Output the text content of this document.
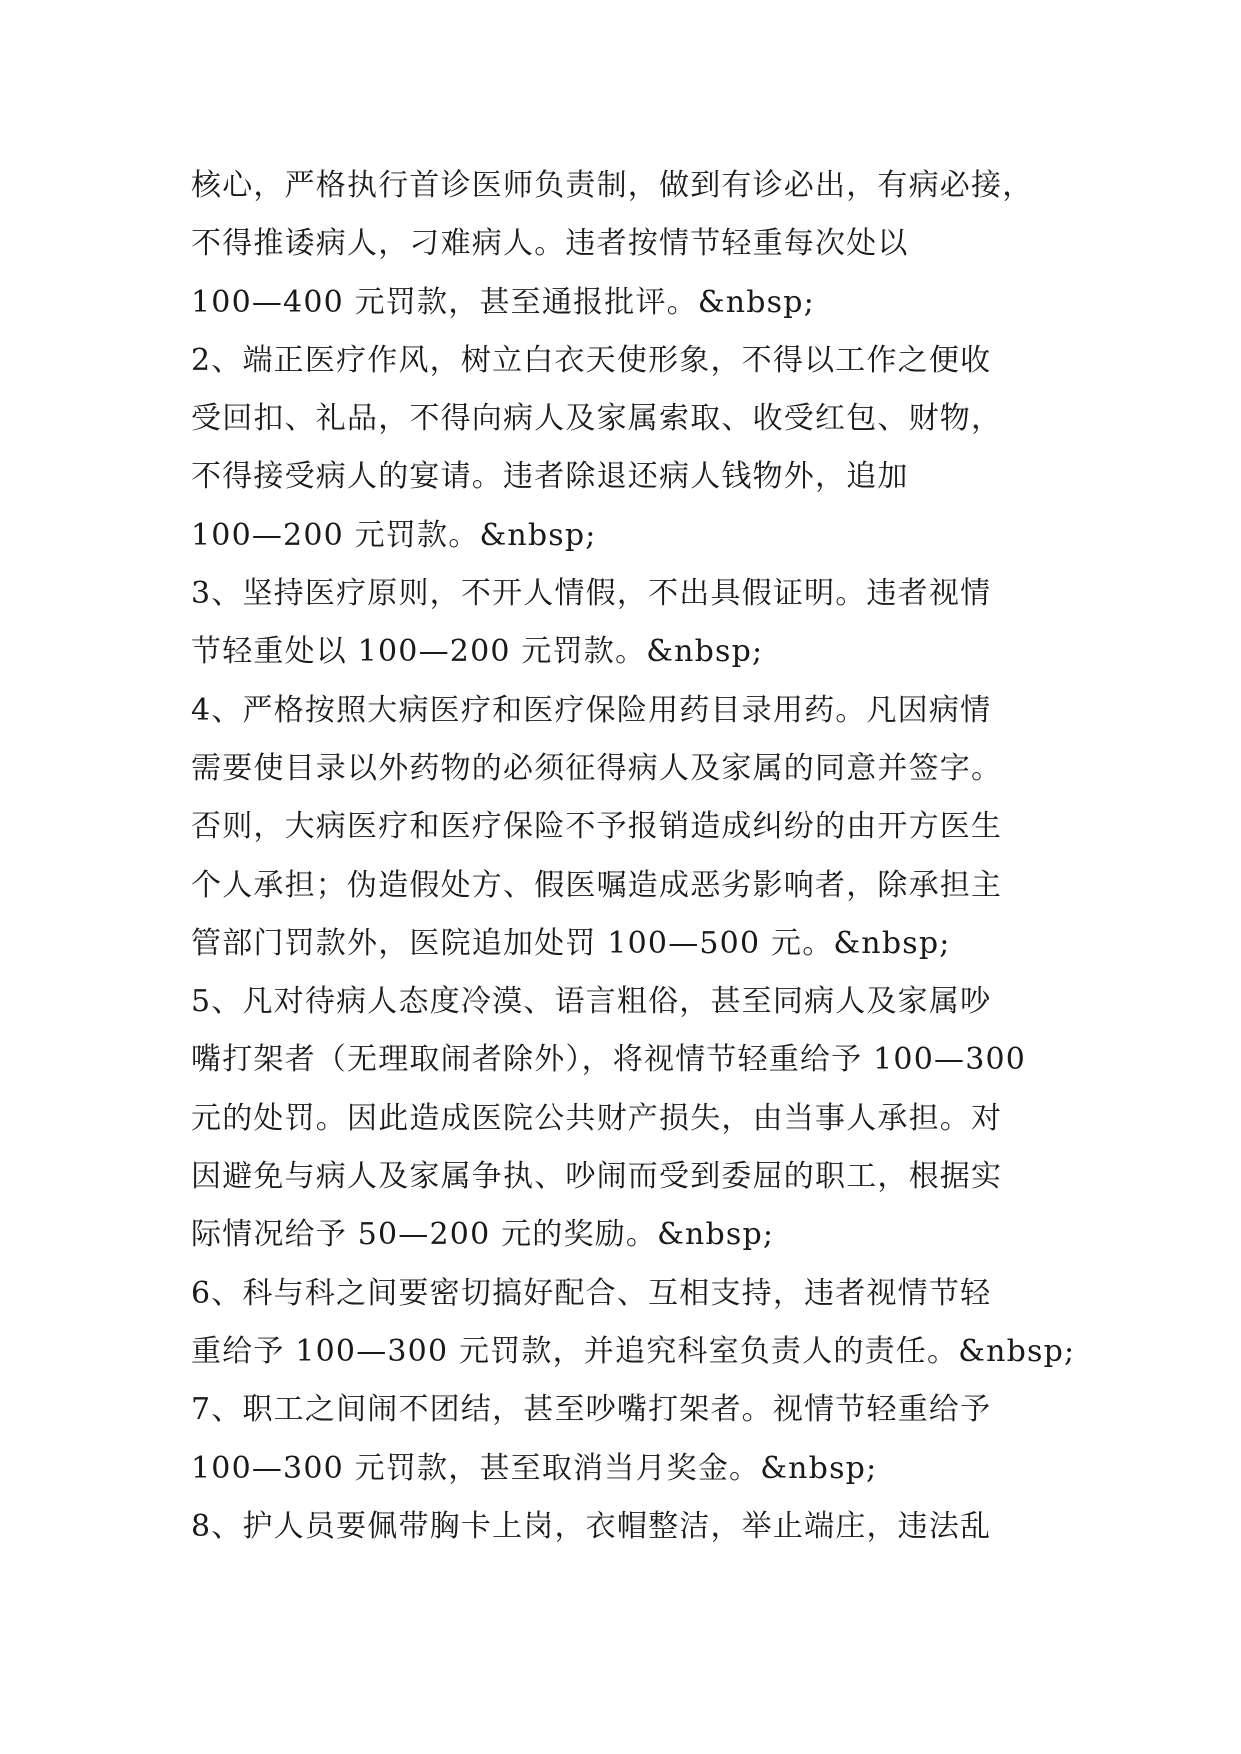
核心，严格执行首诊医师负责制，做到有诊必出，有病必接，
不得推诿病人，刁难病人。违者按情节轻重每次处以
100—400 元罚款，甚至通报批评。&nbsp;
2、端正医疗作风，树立白衣天使形象，不得以工作之便收
受回扣、礼品，不得向病人及家属索取、收受红包、财物，
不得接受病人的宴请。违者除退还病人钱物外，追加
100—200 元罚款。&nbsp;
3、坚持医疗原则，不开人情假，不出具假证明。违者视情
节轻重处以 100—200 元罚款。&nbsp;
4、严格按照大病医疗和医疗保险用药目录用药。凡因病情
需要使目录以外药物的必须征得病人及家属的同意并签字。
否则，大病医疗和医疗保险不予报销造成纠纷的由开方医生
个人承担；伪造假处方、假医嘱造成恶劣影响者，除承担主
管部门罚款外，医院追加处罚 100—500 元。&nbsp;
5、凡对待病人态度冷漠、语言粗俗，甚至同病人及家属吵
嘴打架者（无理取闹者除外），将视情节轻重给予 100—300
元的处罚。因此造成医院公共财产损失，由当事人承担。对
因避免与病人及家属争执、吵闹而受到委屈的职工，根据实
际情况给予 50—200 元的奖励。&nbsp;
6、科与科之间要密切搞好配合、互相支持，违者视情节轻
重给予 100—300 元罚款，并追究科室负责人的责任。&nbsp;
7、职工之间闹不团结，甚至吵嘴打架者。视情节轻重给予
100—300 元罚款，甚至取消当月奖金。&nbsp;
8、护人员要佩带胸卡上岗，衣帽整洁，举止端庄，违法乱
